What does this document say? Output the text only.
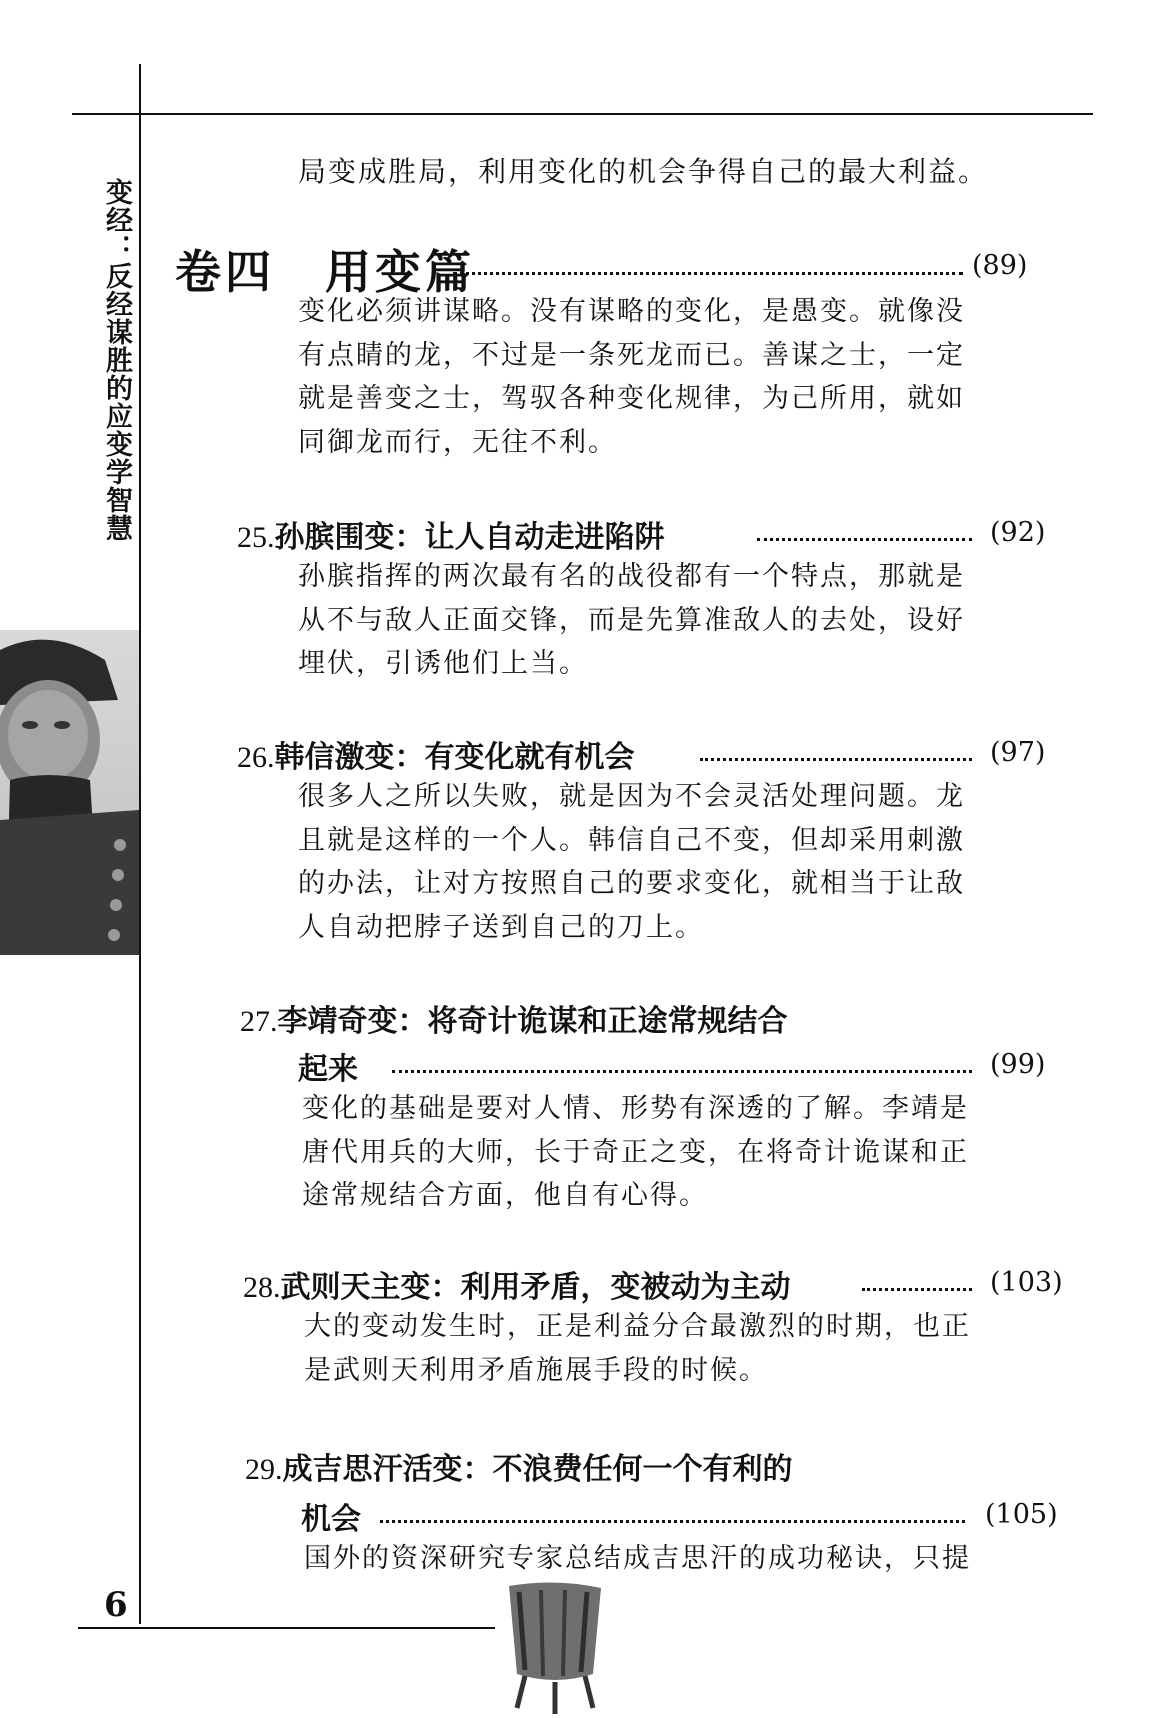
变经：反经谋胜的应变学智慧
6
局变成胜局，利用变化的机会争得自己的最大利益。
卷四　用变篇	(89)
变化必须讲谋略。没有谋略的变化，是愚变。就像没
有点睛的龙，不过是一条死龙而已。善谋之士，一定
就是善变之士，驾驭各种变化规律，为己所用，就如
同御龙而行，无往不利。
25.孙膑围变：让人自动走进陷阱	(92)
孙膑指挥的两次最有名的战役都有一个特点，那就是
从不与敌人正面交锋，而是先算准敌人的去处，设好
埋伏，引诱他们上当。
26.韩信激变：有变化就有机会	(97)
很多人之所以失败，就是因为不会灵活处理问题。龙
且就是这样的一个人。韩信自己不变，但却采用刺激
的办法，让对方按照自己的要求变化，就相当于让敌
人自动把脖子送到自己的刀上。
27.李靖奇变：将奇计诡谋和正途常规结合
起来	(99)
变化的基础是要对人情、形势有深透的了解。李靖是
唐代用兵的大师，长于奇正之变，在将奇计诡谋和正
途常规结合方面，他自有心得。
28.武则天主变：利用矛盾，变被动为主动	(103)
大的变动发生时，正是利益分合最激烈的时期，也正
是武则天利用矛盾施展手段的时候。
29.成吉思汗活变：不浪费任何一个有利的
机会	(105)
国外的资深研究专家总结成吉思汗的成功秘诀，只提
